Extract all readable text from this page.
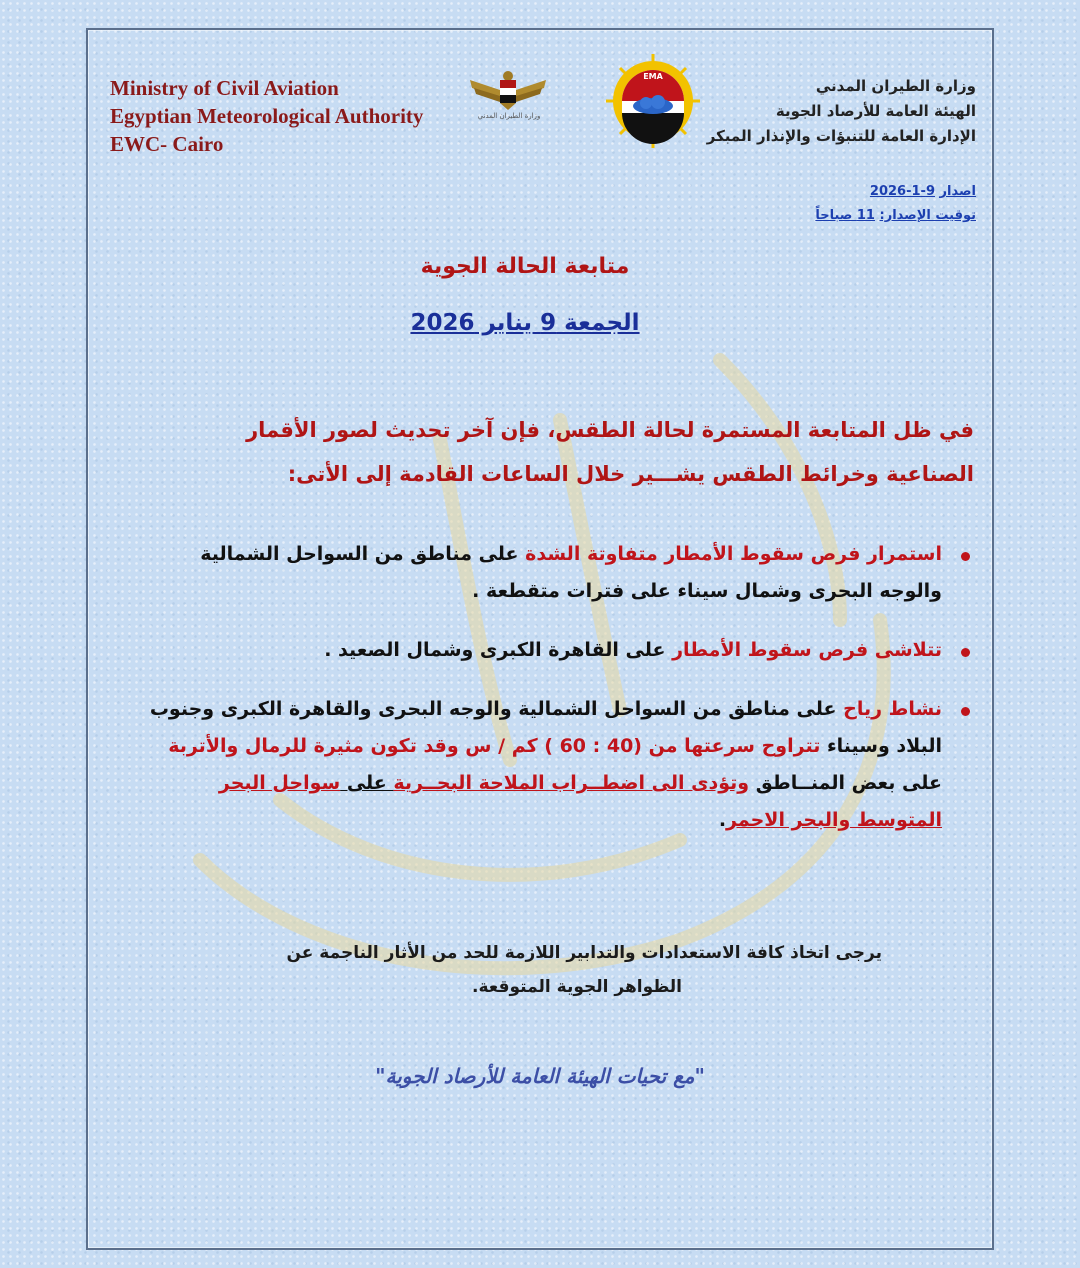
Ministry of Civil Aviation
Egyptian Meteorological Authority
EWC- Cairo
وزارة الطيران المدني
EMA
وزارة الطيران المدني
الهيئة العامة للأرصاد الجوية
الإدارة العامة للتنبؤات والإنذار المبكر
اصدار 9-1-2026
توقيت الإصدار: 11 صباحاً
متابعة الحالة الجوية
الجمعة 9 يناير 2026
في ظل المتابعة المستمرة لحالة الطقس، فإن آخر تحديث لصور الأقمار الصناعية وخرائط الطقس يشـــير خلال الساعات القادمة إلى الأتى:
استمرار فرص سقوط الأمطار متفاوتة الشدة على مناطق من السواحل الشمالية والوجه البحرى وشمال سيناء على فترات متقطعة .
تتلاشى فرص سقوط الأمطار على القاهرة الكبرى وشمال الصعيد .
نشاط رياح على مناطق من السواحل الشمالية والوجه البحرى والقاهرة الكبرى وجنوب البلاد وسيناء تتراوح سرعتها من (40 : 60 ) كم / س وقد تكون مثيرة للرمال والأتربة على بعض المنــاطق وتؤدى الى اضطــراب الملاحة البحــرية على سواحل البحر المتوسط والبحر الاحمر.
يرجى اتخاذ كافة الاستعدادات والتدابير اللازمة للحد من الأثار الناجمة عن
الظواهر الجوية المتوقعة.
"مع تحيات الهيئة العامة للأرصاد الجوية"
